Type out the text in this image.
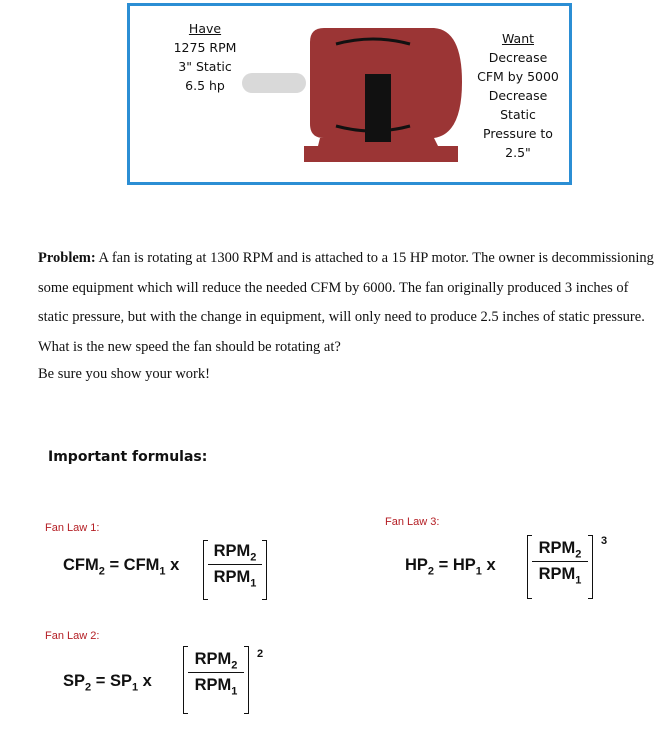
Have
1275 RPM
3" Static
6.5 hp
Want
Decrease
CFM by 5000
Decrease
Static
Pressure to
2.5"
Problem: A fan is rotating at 1300 RPM and is attached to a 15 HP motor. The owner is decommissioning some equipment which will reduce the needed CFM by 6000. The fan originally produced 3 inches of static pressure, but with the change in equipment, will only need to produce 2.5 inches of static pressure. What is the new speed the fan should be rotating at?
Be sure you show your work!
Important formulas:
Fan Law 1:
$CFM_2 = CFM_1$ x
$RPM_2$
$RPM_1$
Fan Law 2:
$SP_2 = SP_1$ x
$RPM_2$
$RPM_1$
2
Fan Law 3:
$HP_2 = HP_1$ x
$RPM_2$
$RPM_1$
3
